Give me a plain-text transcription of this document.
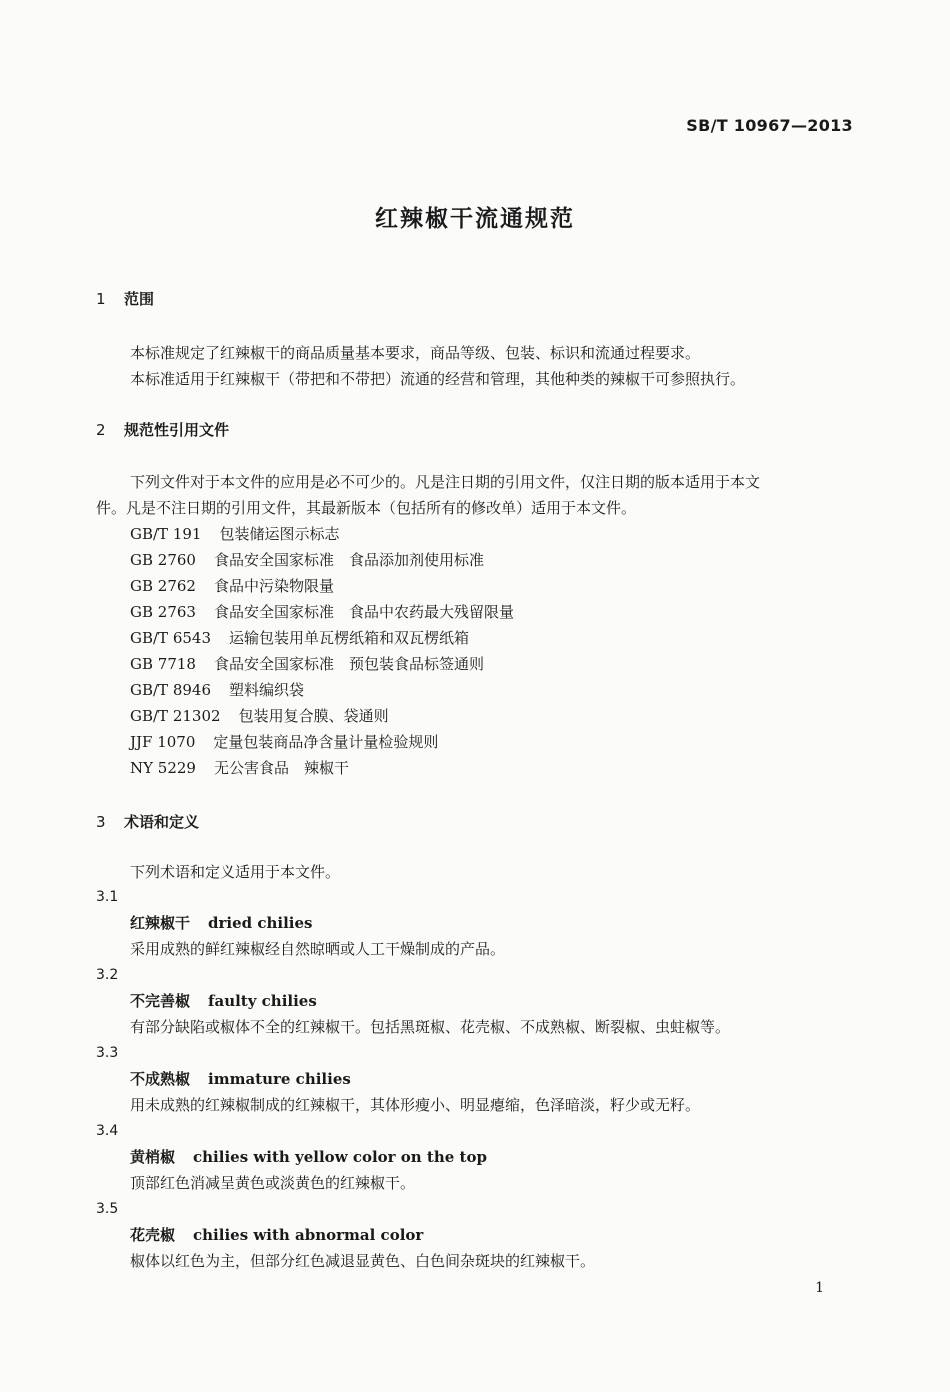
SB/T 10967—2013
红辣椒干流通规范
1 范围
本标准规定了红辣椒干的商品质量基本要求，商品等级、包装、标识和流通过程要求。
本标准适用于红辣椒干（带把和不带把）流通的经营和管理，其他种类的辣椒干可参照执行。
2 规范性引用文件
下列文件对于本文件的应用是必不可少的。凡是注日期的引用文件，仅注日期的版本适用于本文
件。凡是不注日期的引用文件，其最新版本（包括所有的修改单）适用于本文件。
GB/T 191 包装储运图示标志
GB 2760 食品安全国家标准　食品添加剂使用标准
GB 2762 食品中污染物限量
GB 2763 食品安全国家标准　食品中农药最大残留限量
GB/T 6543 运输包装用单瓦楞纸箱和双瓦楞纸箱
GB 7718 食品安全国家标准　预包装食品标签通则
GB/T 8946 塑料编织袋
GB/T 21302 包装用复合膜、袋通则
JJF 1070 定量包装商品净含量计量检验规则
NY 5229 无公害食品　辣椒干
3 术语和定义
下列术语和定义适用于本文件。
3.1
红辣椒干 dried chilies
采用成熟的鲜红辣椒经自然晾晒或人工干燥制成的产品。
3.2
不完善椒 faulty chilies
有部分缺陷或椒体不全的红辣椒干。包括黑斑椒、花壳椒、不成熟椒、断裂椒、虫蛀椒等。
3.3
不成熟椒 immature chilies
用未成熟的红辣椒制成的红辣椒干，其体形瘦小、明显瘪缩，色泽暗淡，籽少或无籽。
3.4
黄梢椒 chilies with yellow color on the top
顶部红色消减呈黄色或淡黄色的红辣椒干。
3.5
花壳椒 chilies with abnormal color
椒体以红色为主，但部分红色减退显黄色、白色间杂斑块的红辣椒干。
1
